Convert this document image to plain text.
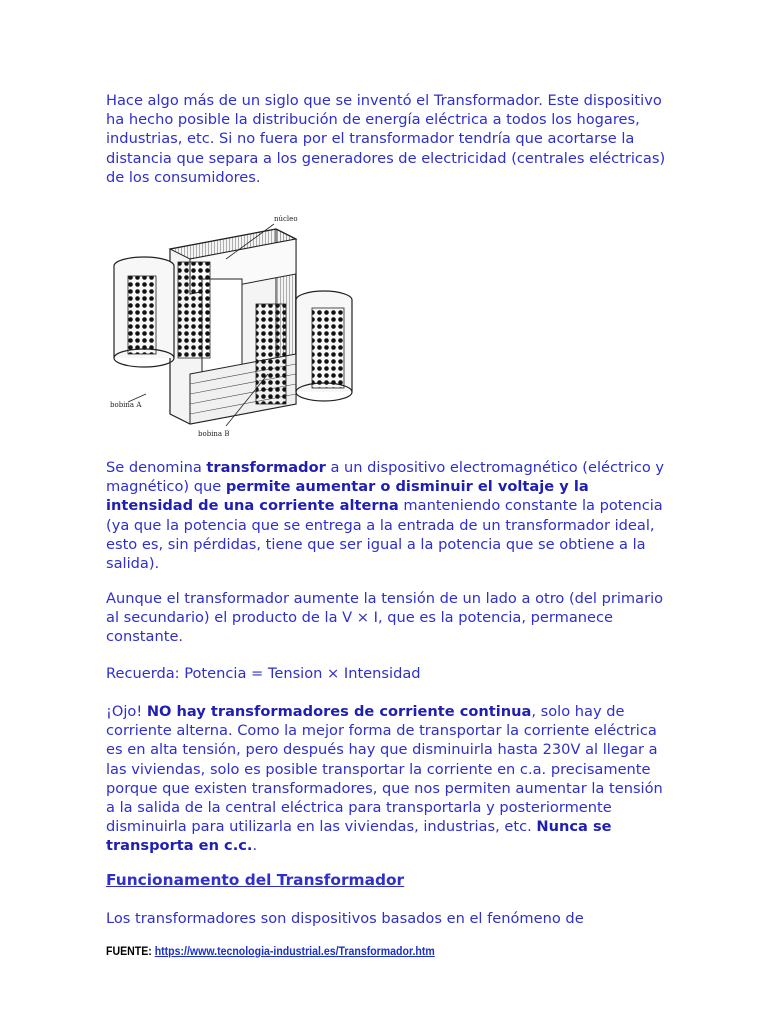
Hace algo más de un siglo que se inventó el Transformador. Este dispositivo ha hecho posible la distribución de energía eléctrica a todos los hogares, industrias, etc. Si no fuera por el transformador tendría que acortarse la distancia que separa a los generadores de electricidad (centrales eléctricas) de los consumidores.

núcleo
bobina A
bobina B

Se denomina transformador a un dispositivo electromagnético (eléctrico y magnético) que permite aumentar o disminuir el voltaje y la intensidad de una corriente alterna manteniendo constante la potencia (ya que la potencia que se entrega a la entrada de un transformador ideal, esto es, sin pérdidas, tiene que ser igual a la potencia que se obtiene a la salida).

Aunque el transformador aumente la tensión de un lado a otro (del primario al secundario) el producto de la V × I, que es la potencia, permanece constante.

Recuerda: Potencia = Tension × Intensidad

¡Ojo! NO hay transformadores de corriente continua, solo hay de corriente alterna. Como la mejor forma de transportar la corriente eléctrica es en alta tensión, pero después hay que disminuirla hasta 230V al llegar a las viviendas, solo es posible transportar la corriente en c.a. precisamente porque que existen transformadores, que nos permiten aumentar la tensión a la salida de la central eléctrica para transportarla y posteriormente disminuirla para utilizarla en las viviendas, industrias, etc. Nunca se transporta en c.c..

Funcionamento del Transformador

Los transformadores son dispositivos basados en el fenómeno de

FUENTE: https://www.tecnologia-industrial.es/Transformador.htm
